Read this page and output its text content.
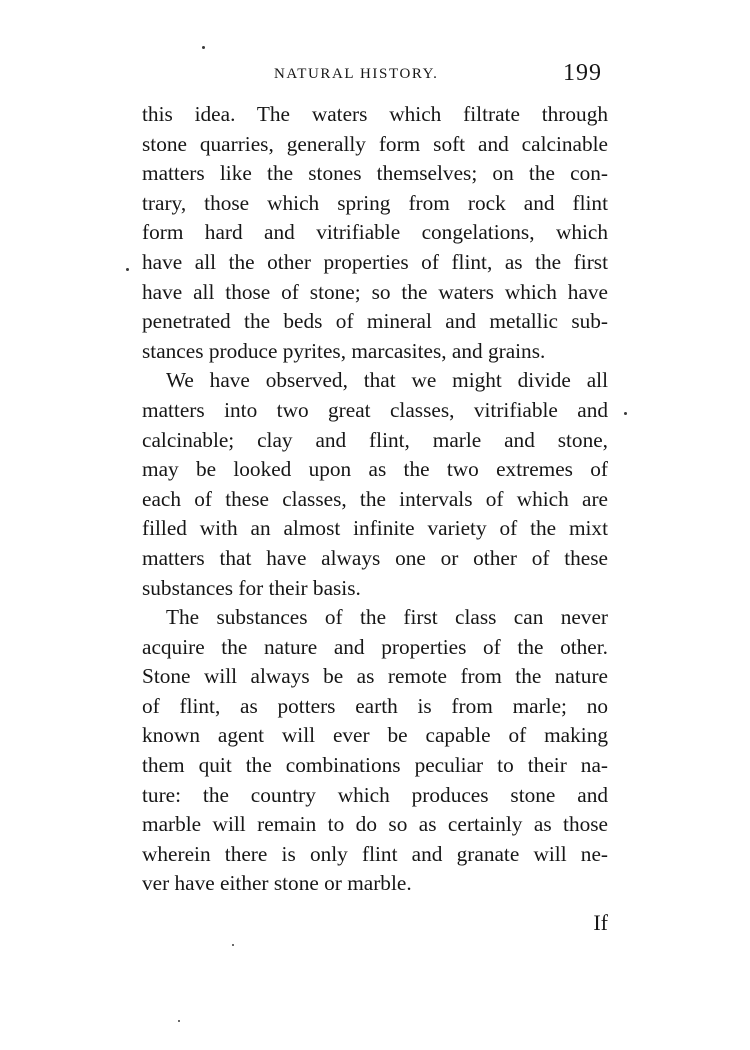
NATURAL HISTORY.	199
this idea. The waters which filtrate through
stone quarries, generally form soft and calcinable
matters like the stones themselves; on the con-
trary, those which spring from rock and flint
form hard and vitrifiable congelations, which
have all the other properties of flint, as the first
have all those of stone; so the waters which have
penetrated the beds of mineral and metallic sub-
stances produce pyrites, marcasites, and grains.
We have observed, that we might divide all
matters into two great classes, vitrifiable and
calcinable; clay and flint, marle and stone,
may be looked upon as the two extremes of
each of these classes, the intervals of which are
filled with an almost infinite variety of the mixt
matters that have always one or other of these
substances for their basis.
The substances of the first class can never
acquire the nature and properties of the other.
Stone will always be as remote from the nature
of flint, as potters earth is from marle; no
known agent will ever be capable of making
them quit the combinations peculiar to their na-
ture: the country which produces stone and
marble will remain to do so as certainly as those
wherein there is only flint and granate will ne-
ver have either stone or marble.
If
